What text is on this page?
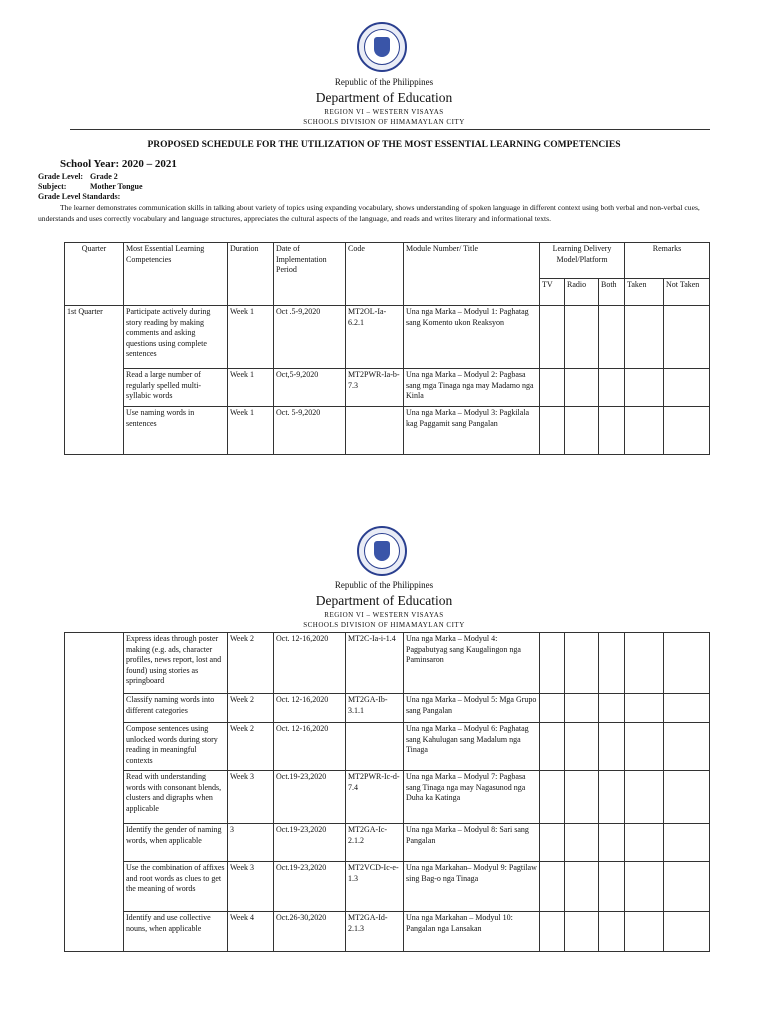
Republic of the Philippines
Department of Education
REGION VI – WESTERN VISAYAS
SCHOOLS DIVISION OF HIMAMAYLAN CITY
PROPOSED SCHEDULE FOR THE UTILIZATION OF THE MOST ESSENTIAL LEARNING COMPETENCIES
School Year: 2020 – 2021
Grade Level: Grade 2
Subject:	Mother Tongue
Grade Level Standards:
The learner demonstrates communication skills in talking about variety of topics using expanding vocabulary, shows understanding of spoken language in different context using both verbal and non-verbal cues, understands and uses correctly vocabulary and language structures, appreciates the cultural aspects of the language, and reads and writes literary and informational texts.
Quarter	Most Essential Learning Competencies	Duration	Date of Implementation Period	Code	Module Number/ Title	Learning Delivery Model/Platform			Remarks	
						TV	Radio	Both	Taken	Not Taken
1st Quarter	Participate actively during story reading by making comments and asking questions using complete sentences	Week 1	Oct .5-9,2020	MT2OL-Ia-6.2.1	Una nga Marka – Modyul 1: Paghatag sang Komento ukon Reaksyon					
	Read a large number of regularly spelled multi-syllabic words	Week 1	Oct,5-9,2020	MT2PWR-Ia-b-7.3	Una nga Marka – Modyul 2: Pagbasa sang mga Tinaga nga may Madamo nga Kinla					
	Use naming words in sentences	Week 1	Oct. 5-9,2020		Una nga Marka – Modyul 3: Pagkilala kag Paggamit sang Pangalan					
Republic of the Philippines
Department of Education
REGION VI – WESTERN VISAYAS
SCHOOLS DIVISION OF HIMAMAYLAN CITY
	Express ideas through poster making (e.g. ads, character profiles, news report, lost and found) using stories as springboard	Week 2	Oct. 12-16,2020	MT2C-Ia-i-1.4	Una nga Marka – Modyul 4: Pagpabutyag sang Kaugalingon nga Paminsaron					
	Classify naming words into different categories	Week 2	Oct. 12-16,2020	MT2GA-Ib-3.1.1	Una nga Marka – Modyul 5: Mga Grupo sang Pangalan					
	Compose sentences using unlocked words during story reading in meaningful contexts	Week 2	Oct. 12-16,2020		Una nga Marka – Modyul 6: Paghatag sang Kahulugan sang Madalum nga Tinaga					
	Read with understanding words with consonant blends, clusters and digraphs when applicable	Week 3	Oct.19-23,2020	MT2PWR-Ic-d-7.4	Una nga Marka – Modyul 7: Pagbasa sang Tinaga nga may Nagasunod nga Duha ka Katinga					
	Identify the gender of naming words, when applicable	3	Oct.19-23,2020	MT2GA-Ic-2.1.2	Una nga Marka – Modyul 8: Sari sang Pangalan					
	Use the combination of affixes and root words as clues to get the meaning of words	Week 3	Oct.19-23,2020	MT2VCD-Ic-e-1.3	Una nga Markahan– Modyul 9: Pagtilaw sing Bag-o nga Tinaga					
	Identify and use collective nouns, when applicable	Week 4	Oct.26-30,2020	MT2GA-Id-2.1.3	Una nga Markahan – Modyul 10: Pangalan nga Lansakan					
